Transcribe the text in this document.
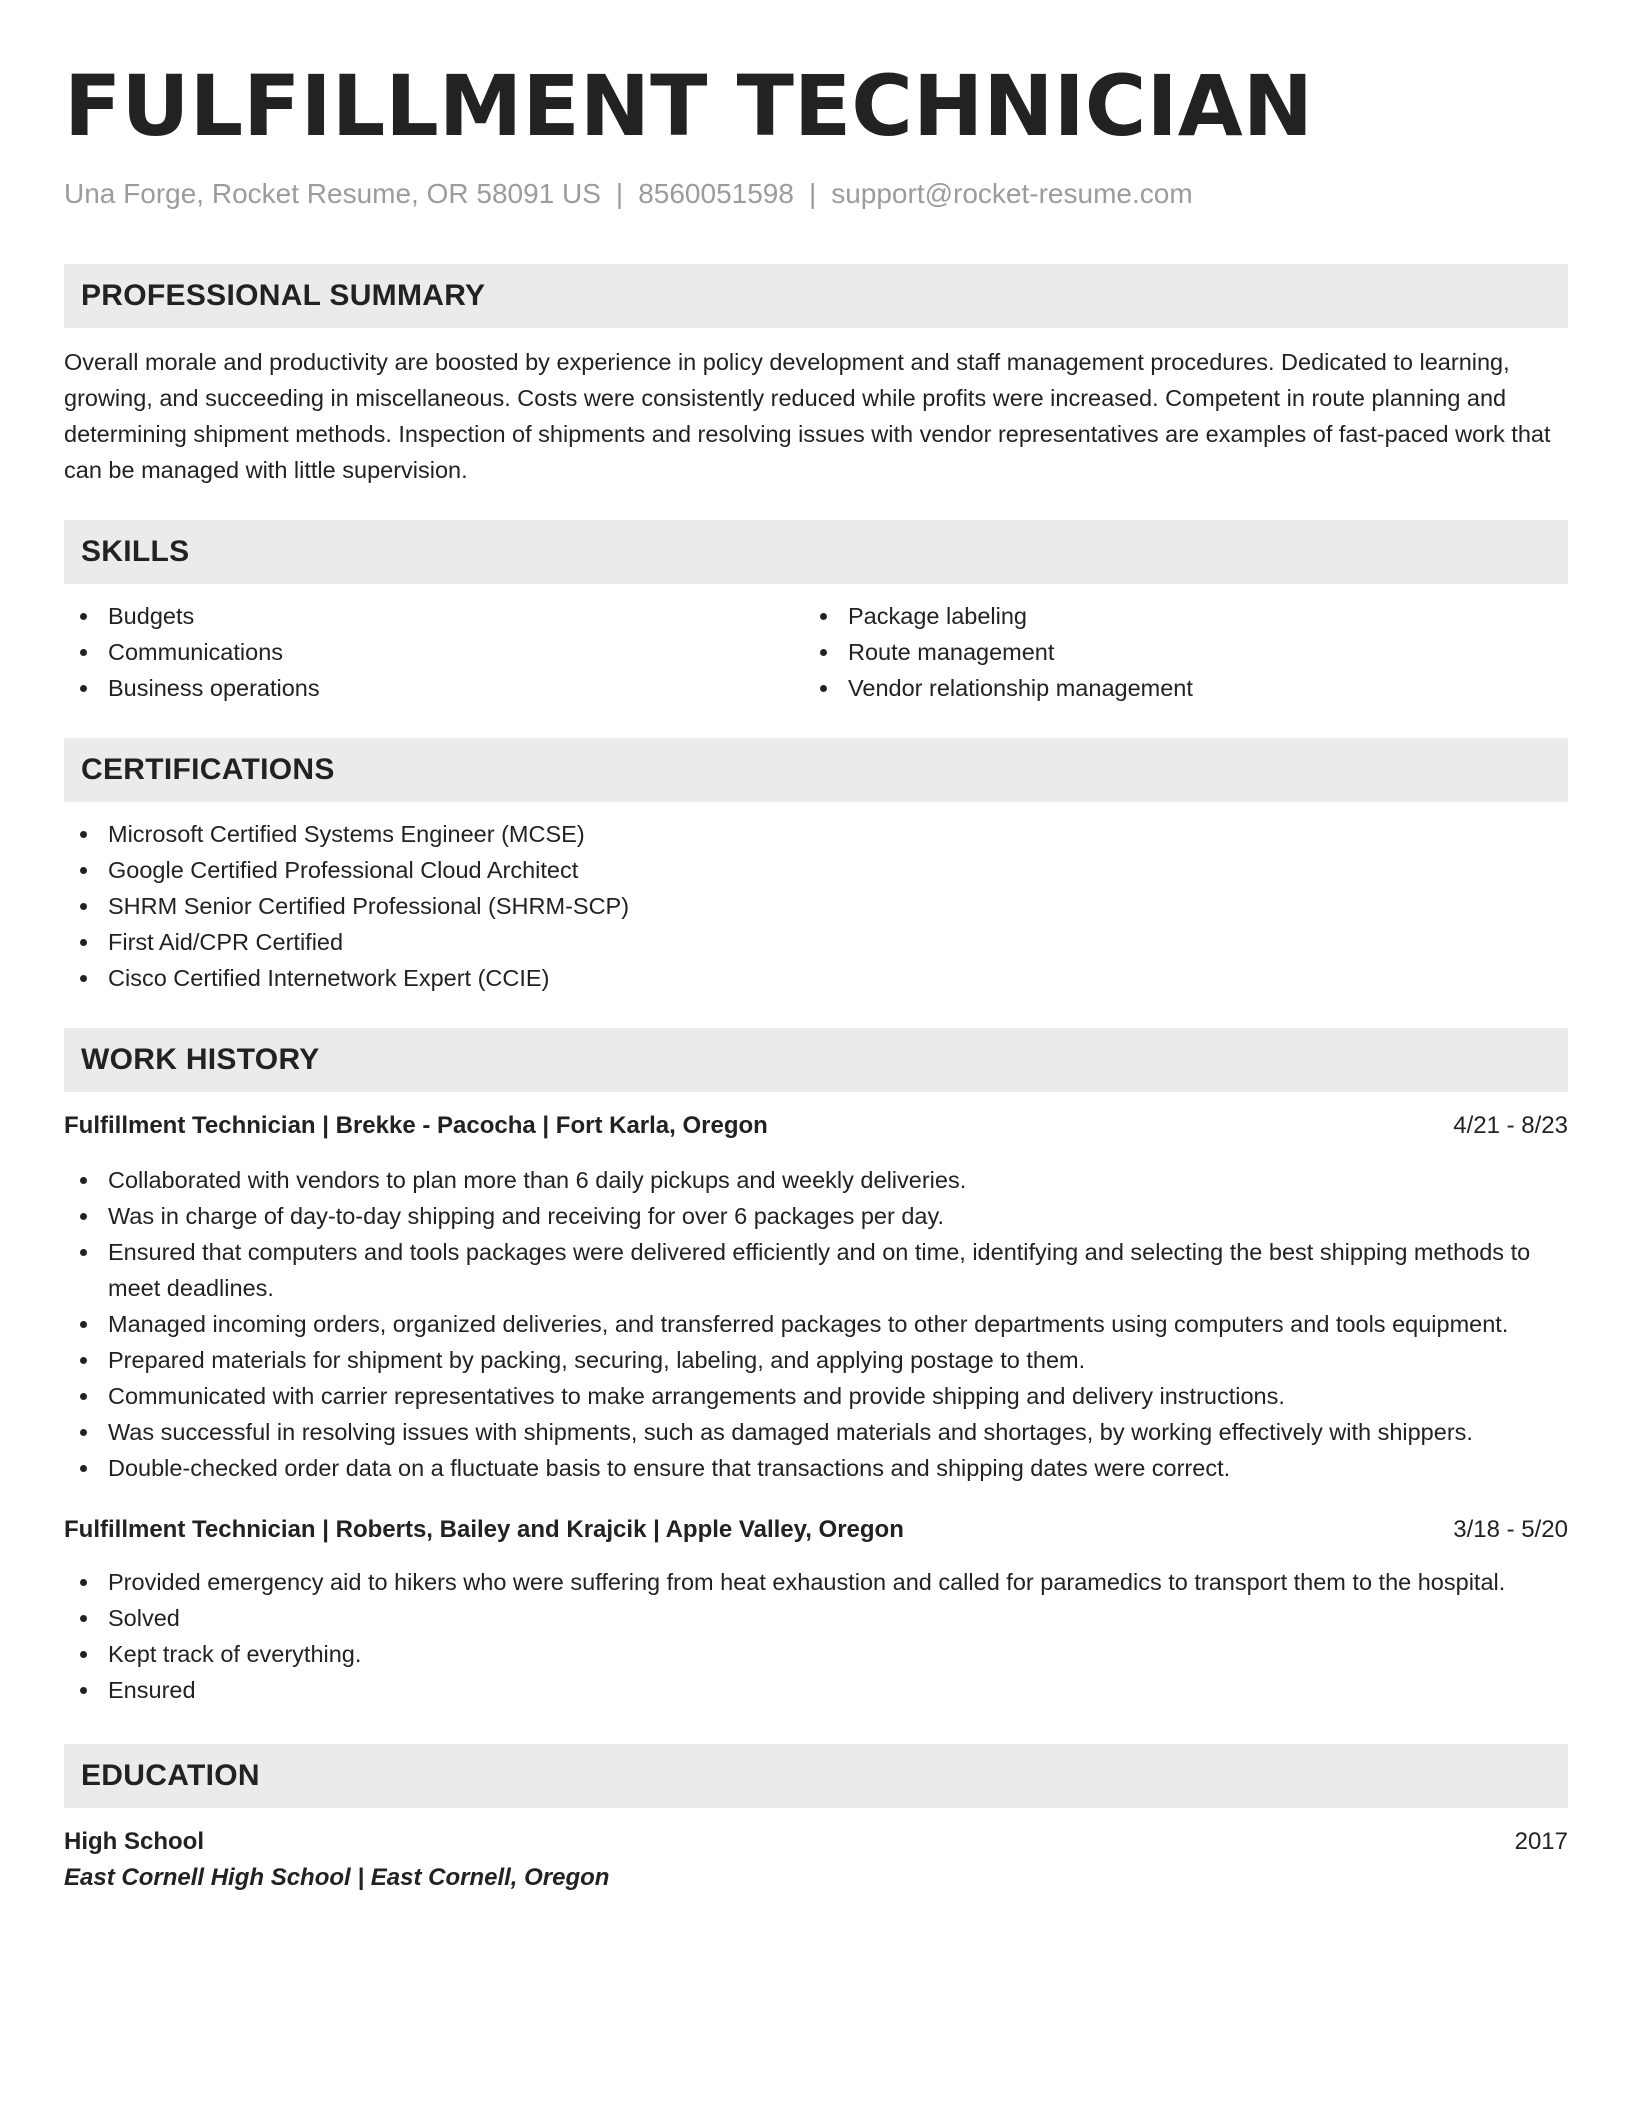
FULFILLMENT TECHNICIAN
Una Forge, Rocket Resume, OR 58091 US | 8560051598 | support@rocket-resume.com
PROFESSIONAL SUMMARY

Overall morale and productivity are boosted by experience in policy development and staff management procedures. Dedicated to learning, growing, and succeeding in miscellaneous. Costs were consistently reduced while profits were increased. Competent in route planning and determining shipment methods. Inspection of shipments and resolving issues with vendor representatives are examples of fast-paced work that can be managed with little supervision.

SKILLS
Budgets
Communications
Business operations
Package labeling
Route management
Vendor relationship management
CERTIFICATIONS
Microsoft Certified Systems Engineer (MCSE)
Google Certified Professional Cloud Architect
SHRM Senior Certified Professional (SHRM-SCP)
First Aid/CPR Certified
Cisco Certified Internetwork Expert (CCIE)
WORK HISTORY
Fulfillment Technician | Brekke - Pacocha | Fort Karla, Oregon	4/21 - 8/23
Collaborated with vendors to plan more than 6 daily pickups and weekly deliveries.
Was in charge of day-to-day shipping and receiving for over 6 packages per day.
Ensured that computers and tools packages were delivered efficiently and on time, identifying and selecting the best shipping methods to meet deadlines.
Managed incoming orders, organized deliveries, and transferred packages to other departments using computers and tools equipment.
Prepared materials for shipment by packing, securing, labeling, and applying postage to them.
Communicated with carrier representatives to make arrangements and provide shipping and delivery instructions.
Was successful in resolving issues with shipments, such as damaged materials and shortages, by working effectively with shippers.
Double-checked order data on a fluctuate basis to ensure that transactions and shipping dates were correct.
Fulfillment Technician | Roberts, Bailey and Krajcik | Apple Valley, Oregon	3/18 - 5/20
Provided emergency aid to hikers who were suffering from heat exhaustion and called for paramedics to transport them to the hospital.
Solved
Kept track of everything.
Ensured
EDUCATION
High School	2017
East Cornell High School | East Cornell, Oregon
